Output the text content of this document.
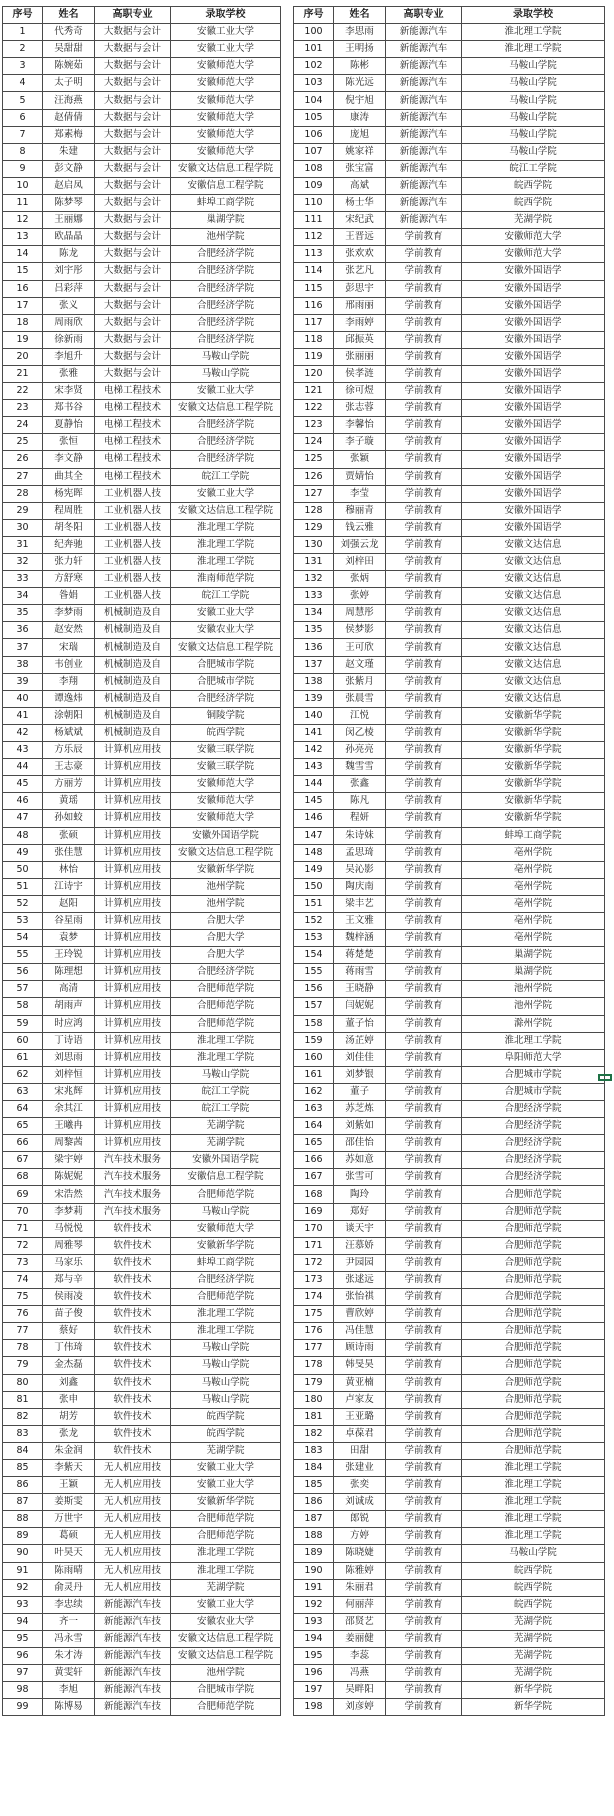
序号	姓名	高职专业	录取学校		序号	姓名	高职专业	录取学校
1	代秀奇	大数据与会计	安徽工业大学		100	李思雨	新能源汽车	淮北理工学院
2	吴甜甜	大数据与会计	安徽工业大学		101	王明扬	新能源汽车	淮北理工学院
3	陈婉茹	大数据与会计	安徽师范大学		102	陈彬	新能源汽车	马鞍山学院
4	太子明	大数据与会计	安徽师范大学		103	陈光远	新能源汽车	马鞍山学院
5	汪海燕	大数据与会计	安徽师范大学		104	倪宇旭	新能源汽车	马鞍山学院
6	赵倩倩	大数据与会计	安徽师范大学		105	康涛	新能源汽车	马鞍山学院
7	郑素梅	大数据与会计	安徽师范大学		106	庞旭	新能源汽车	马鞍山学院
8	朱建	大数据与会计	安徽师范大学		107	姚家祥	新能源汽车	马鞍山学院
9	彭文静	大数据与会计	安徽文达信息工程学院		108	张宝富	新能源汽车	皖江工学院
10	赵启凤	大数据与会计	安徽信息工程学院		109	高斌	新能源汽车	皖西学院
11	陈梦琴	大数据与会计	蚌埠工商学院		110	杨士华	新能源汽车	皖西学院
12	王丽娜	大数据与会计	巢湖学院		111	宋纪武	新能源汽车	芜湖学院
13	欧晶晶	大数据与会计	池州学院		112	王晋远	学前教育	安徽师范大学
14	陈龙	大数据与会计	合肥经济学院		113	张欢欢	学前教育	安徽师范大学
15	刘宇彤	大数据与会计	合肥经济学院		114	张艺凡	学前教育	安徽外国语学
16	吕彩萍	大数据与会计	合肥经济学院		115	彭思宇	学前教育	安徽外国语学
17	张义	大数据与会计	合肥经济学院		116	邢雨丽	学前教育	安徽外国语学
18	周雨欣	大数据与会计	合肥经济学院		117	李雨婷	学前教育	安徽外国语学
19	徐新雨	大数据与会计	合肥经济学院		118	邱振英	学前教育	安徽外国语学
20	李旭升	大数据与会计	马鞍山学院		119	张丽丽	学前教育	安徽外国语学
21	张雅	大数据与会计	马鞍山学院		120	侯孝涟	学前教育	安徽外国语学
22	宋李贤	电梯工程技术	安徽工业大学		121	徐可煜	学前教育	安徽外国语学
23	郑书谷	电梯工程技术	安徽文达信息工程学院		122	张志蓉	学前教育	安徽外国语学
24	夏静怡	电梯工程技术	合肥经济学院		123	李馨怡	学前教育	安徽外国语学
25	张恒	电梯工程技术	合肥经济学院		124	李子璇	学前教育	安徽外国语学
26	李文静	电梯工程技术	合肥经济学院		125	张颖	学前教育	安徽外国语学
27	曲其全	电梯工程技术	皖江工学院		126	贾婧怡	学前教育	安徽外国语学
28	杨宪晖	工业机器人技	安徽工业大学		127	李莹	学前教育	安徽外国语学
29	程周胜	工业机器人技	安徽文达信息工程学院		128	穆丽青	学前教育	安徽外国语学
30	胡冬阳	工业机器人技	淮北理工学院		129	钱云雅	学前教育	安徽外国语学
31	纪奔驰	工业机器人技	淮北理工学院		130	刘强云龙	学前教育	安徽文达信息
32	张力轩	工业机器人技	淮北理工学院		131	刘梓田	学前教育	安徽文达信息
33	方舒寒	工业机器人技	淮南师范学院		132	张炳	学前教育	安徽文达信息
34	昝娟	工业机器人技	皖江工学院		133	张婷	学前教育	安徽文达信息
35	李梦雨	机械制造及自	安徽工业大学		134	周慧彤	学前教育	安徽文达信息
36	赵安然	机械制造及自	安徽农业大学		135	侯梦影	学前教育	安徽文达信息
37	宋瑞	机械制造及自	安徽文达信息工程学院		136	王可欣	学前教育	安徽文达信息
38	韦创业	机械制造及自	合肥城市学院		137	赵文瑾	学前教育	安徽文达信息
39	李翔	机械制造及自	合肥城市学院		138	张紫月	学前教育	安徽文达信息
40	谭逸炜	机械制造及自	合肥经济学院		139	张晨雪	学前教育	安徽文达信息
41	涂朝阳	机械制造及自	铜陵学院		140	江悦	学前教育	安徽新华学院
42	杨斌斌	机械制造及自	皖西学院		141	闵乙棱	学前教育	安徽新华学院
43	方乐辰	计算机应用技	安徽三联学院		142	孙亮亮	学前教育	安徽新华学院
44	王志豪	计算机应用技	安徽三联学院		143	魏雪雪	学前教育	安徽新华学院
45	方丽芳	计算机应用技	安徽师范大学		144	张鑫	学前教育	安徽新华学院
46	黄瑶	计算机应用技	安徽师范大学		145	陈凡	学前教育	安徽新华学院
47	孙如蛟	计算机应用技	安徽师范大学		146	程妍	学前教育	安徽新华学院
48	张硕	计算机应用技	安徽外国语学院		147	朱诗妹	学前教育	蚌埠工商学院
49	张佳慧	计算机应用技	安徽文达信息工程学院		148	孟思琦	学前教育	亳州学院
50	林怡	计算机应用技	安徽新华学院		149	吴沁影	学前教育	亳州学院
51	江诗宇	计算机应用技	池州学院		150	陶庆南	学前教育	亳州学院
52	赵阳	计算机应用技	池州学院		151	梁丰艺	学前教育	亳州学院
53	谷星雨	计算机应用技	合肥大学		152	王文雅	学前教育	亳州学院
54	袁梦	计算机应用技	合肥大学		153	魏梓涵	学前教育	亳州学院
55	王玲锐	计算机应用技	合肥大学		154	蒋楚楚	学前教育	巢湖学院
56	陈理想	计算机应用技	合肥经济学院		155	蒋雨雪	学前教育	巢湖学院
57	高清	计算机应用技	合肥师范学院		156	王晓静	学前教育	池州学院
58	胡雨声	计算机应用技	合肥师范学院		157	闫妮妮	学前教育	池州学院
59	时应鸿	计算机应用技	合肥师范学院		158	董子怡	学前教育	滁州学院
60	丁诗语	计算机应用技	淮北理工学院		159	汤芷婷	学前教育	淮北理工学院
61	刘思雨	计算机应用技	淮北理工学院		160	刘佳佳	学前教育	阜阳师范大学
62	刘梓恒	计算机应用技	马鞍山学院		161	刘梦银	学前教育	合肥城市学院
63	宋兆辉	计算机应用技	皖江工学院		162	董子	学前教育	合肥城市学院
64	余其江	计算机应用技	皖江工学院		163	苏芝炼	学前教育	合肥经济学院
65	王曦冉	计算机应用技	芜湖学院		164	刘紫如	学前教育	合肥经济学院
66	周黎茜	计算机应用技	芜湖学院		165	邵佳怡	学前教育	合肥经济学院
67	梁宇婷	汽车技术服务	安徽外国语学院		166	苏如意	学前教育	合肥经济学院
68	陈妮妮	汽车技术服务	安徽信息工程学院		167	张雪可	学前教育	合肥经济学院
69	宋浩然	汽车技术服务	合肥师范学院		168	陶玲	学前教育	合肥师范学院
70	李梦莉	汽车技术服务	马鞍山学院		169	郑好	学前教育	合肥师范学院
71	马悦悦	软件技术	安徽师范大学		170	谈天宇	学前教育	合肥师范学院
72	周雅琴	软件技术	安徽新华学院		171	汪慕娇	学前教育	合肥师范学院
73	马家乐	软件技术	蚌埠工商学院		172	尹园园	学前教育	合肥师范学院
74	郑与辛	软件技术	合肥经济学院		173	张逑远	学前教育	合肥师范学院
75	侯雨凌	软件技术	合肥师范学院		174	张怡祺	学前教育	合肥师范学院
76	苗子俊	软件技术	淮北理工学院		175	曹欣婷	学前教育	合肥师范学院
77	蔡好	软件技术	淮北理工学院		176	冯佳慧	学前教育	合肥师范学院
78	丁伟琦	软件技术	马鞍山学院		177	顾诗雨	学前教育	合肥师范学院
79	金杰磊	软件技术	马鞍山学院		178	韩旻昊	学前教育	合肥师范学院
80	刘鑫	软件技术	马鞍山学院		179	黄亚楠	学前教育	合肥师范学院
81	张申	软件技术	马鞍山学院		180	卢家友	学前教育	合肥师范学院
82	胡芳	软件技术	皖西学院		181	王亚璐	学前教育	合肥师范学院
83	张龙	软件技术	皖西学院		182	卓葆君	学前教育	合肥师范学院
84	朱金润	软件技术	芜湖学院		183	田甜	学前教育	合肥师范学院
85	李紫天	无人机应用技	安徽工业大学		184	张建业	学前教育	淮北理工学院
86	王颖	无人机应用技	安徽工业大学		185	张奕	学前教育	淮北理工学院
87	姜斯雯	无人机应用技	安徽新华学院		186	刘诚成	学前教育	淮北理工学院
88	万世宇	无人机应用技	合肥师范学院		187	郎锐	学前教育	淮北理工学院
89	葛硕	无人机应用技	合肥师范学院		188	方婷	学前教育	淮北理工学院
90	叶昊天	无人机应用技	淮北理工学院		189	陈晓婕	学前教育	马鞍山学院
91	陈雨晴	无人机应用技	淮北理工学院		190	陈雅婷	学前教育	皖西学院
92	俞灵丹	无人机应用技	芜湖学院		191	朱丽君	学前教育	皖西学院
93	李忠续	新能源汽车技	安徽工业大学		192	何丽萍	学前教育	皖西学院
94	齐一	新能源汽车技	安徽农业大学		193	邵贤艺	学前教育	芜湖学院
95	冯永雪	新能源汽车技	安徽文达信息工程学院		194	姜丽健	学前教育	芜湖学院
96	朱才涛	新能源汽车技	安徽文达信息工程学院		195	李蕊	学前教育	芜湖学院
97	黄雯轩	新能源汽车技	池州学院		196	冯燕	学前教育	芜湖学院
98	李旭	新能源汽车技	合肥城市学院		197	吴畔阳	学前教育	新华学院
99	陈博易	新能源汽车技	合肥师范学院		198	刘彦婷	学前教育	新华学院
